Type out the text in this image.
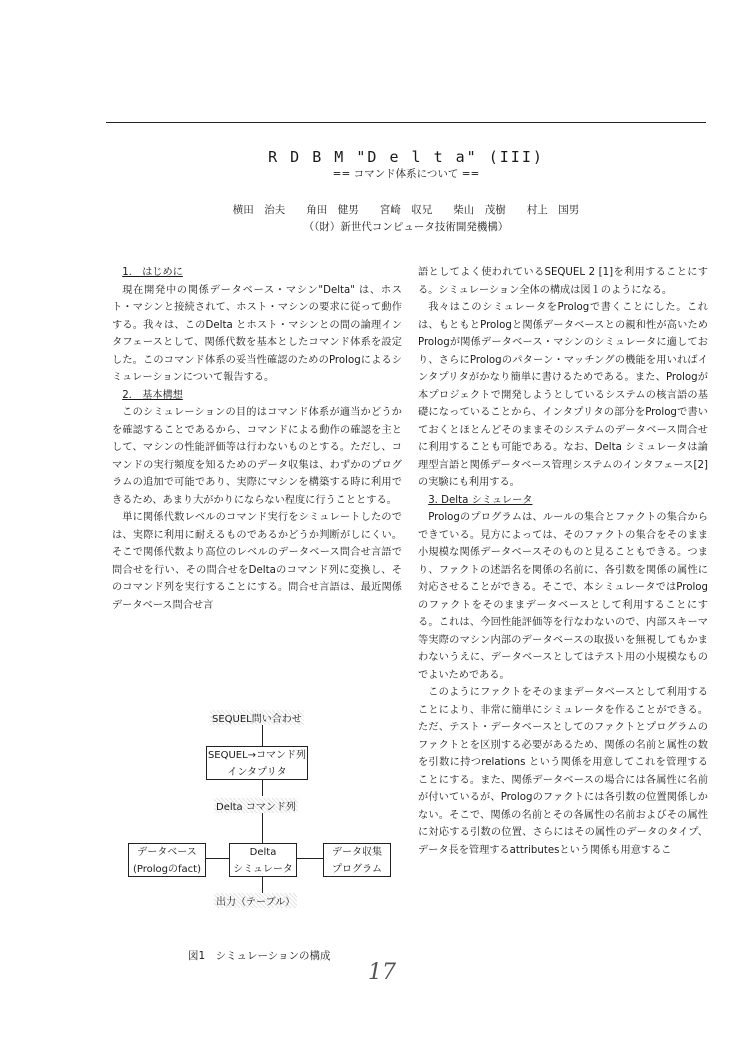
R D B M "D e l t a" (III)
== コマンド体系について ==
横田　治夫　　角田　健男　　宮崎　収兄　　柴山　茂樹　　村上　国男
（（財）新世代コンピュータ技術開発機構）

1.　はじめに

現在開発中の関係データベース・マシン"Delta" は、ホスト・マシンと接続されて、ホスト・マシンの要求に従って動作する。我々は、このDelta とホスト・マシンとの間の論理インタフェースとして、関係代数を基本としたコマンド体系を設定した。このコマンド体系の妥当性確認のためのPrologによるシミュレーションについて報告する。

2.　基本構想

このシミュレーションの目的はコマンド体系が適当かどうかを確認することであるから、コマンドによる動作の確認を主として、マシンの性能評価等は行わないものとする。ただし、コマンドの実行頻度を知るためのデータ収集は、わずかのプログラムの追加で可能であり、実際にマシンを構築する時に利用できるため、あまり大がかりにならない程度に行うこととする。

単に関係代数レベルのコマンド実行をシミュレートしたのでは、実際に利用に耐えるものであるかどうか判断がしにくい。そこで関係代数より高位のレベルのデータベース問合せ言語で問合せを行い、その問合せをDeltaのコマンド列に変換し、そのコマンド列を実行することにする。問合せ言語は、最近関係データベース問合せ言

語としてよく使われているSEQUEL 2 [1]を利用することにする。シミュレーション全体の構成は図１のようになる。

我々はこのシミュレータをPrologで書くことにした。これは、もともとPrologと関係データベースとの親和性が高いためPrologが関係データベース・マシンのシミュレータに適しており、さらにPrologのパターン・マッチングの機能を用いればインタプリタがかなり簡単に書けるためである。また、Prologが本プロジェクトで開発しようとしているシステムの核言語の基礎になっていることから、インタプリタの部分をPrologで書いておくとほとんどそのままそのシステムのデータベース問合せに利用することも可能である。なお、Delta シミュレータは論理型言語と関係データベース管理システムのインタフェース[2] の実験にも利用する。

3. Delta シミュレータ

Prologのプログラムは、ルールの集合とファクトの集合からできている。見方によっては、そのファクトの集合をそのまま小規模な関係データベースそのものと見ることもできる。つまり、ファクトの述語名を関係の名前に、各引数を関係の属性に対応させることができる。そこで、本シミュレータではPrologのファクトをそのままデータベースとして利用することにする。これは、今回性能評価等を行なわないので、内部スキーマ等実際のマシン内部のデータベースの取扱いを無視してもかまわないうえに、データベースとしてはテスト用の小規模なものでよいためである。

このようにファクトをそのままデータベースとして利用することにより、非常に簡単にシミュレータを作ることができる。ただ、テスト・データベースとしてのファクトとプログラムのファクトとを区別する必要があるため、関係の名前と属性の数を引数に持つrelations という関係を用意してこれを管理することにする。また、関係データベースの場合には各属性に名前が付いているが、Prologのファクトには各引数の位置関係しかない。そこで、関係の名前とその各属性の名前およびその属性に対応する引数の位置、さらにはその属性のデータのタイプ、データ長を管理するattributesという関係も用意するこ

SEQUEL問い合わせ
SEQUEL→コマンド列
インタプリタ
Delta コマンド列
データベース
(Prologのfact)
Delta
シミュレータ
データ収集
プログラム
出力（テーブル）
図1　シミュレーションの構成
17
